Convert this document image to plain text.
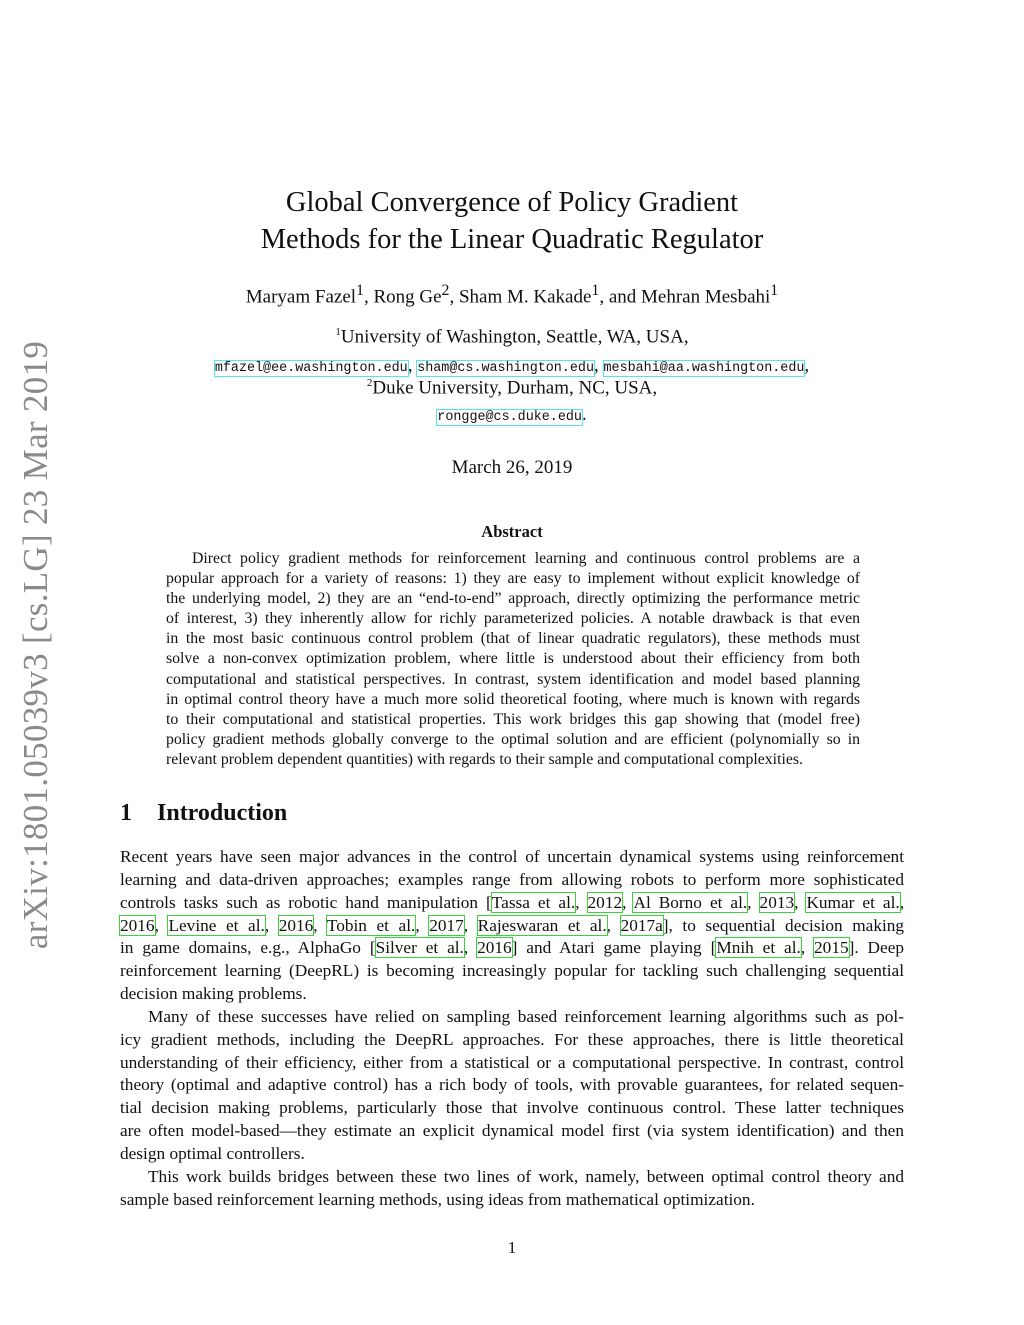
arXiv:1801.05039v3 [cs.LG] 23 Mar 2019
Global Convergence of Policy Gradient
Methods for the Linear Quadratic Regulator
Maryam Fazel$^1$, Rong Ge$^2$, Sham M. Kakade$^1$, and Mehran Mesbahi$^1$
$^1$University of Washington, Seattle, WA, USA,
mfazel@ee.washington.edu, sham@cs.washington.edu, mesbahi@aa.washington.edu,
$^2$Duke University, Durham, NC, USA,
rongge@cs.duke.edu.
March 26, 2019
Abstract
Direct policy gradient methods for reinforcement learning and continuous control problems are a
popular approach for a variety of reasons: 1) they are easy to implement without explicit knowledge of
the underlying model, 2) they are an “end-to-end” approach, directly optimizing the performance metric
of interest, 3) they inherently allow for richly parameterized policies. A notable drawback is that even
in the most basic continuous control problem (that of linear quadratic regulators), these methods must
solve a non-convex optimization problem, where little is understood about their efficiency from both
computational and statistical perspectives. In contrast, system identification and model based planning
in optimal control theory have a much more solid theoretical footing, where much is known with regards
to their computational and statistical properties. This work bridges this gap showing that (model free)
policy gradient methods globally converge to the optimal solution and are efficient (polynomially so in
relevant problem dependent quantities) with regards to their sample and computational complexities.
1 Introduction
Recent years have seen major advances in the control of uncertain dynamical systems using reinforcement
learning and data-driven approaches; examples range from allowing robots to perform more sophisticated
controls tasks such as robotic hand manipulation [Tassa et al., 2012, Al Borno et al., 2013, Kumar et al.,
2016, Levine et al., 2016, Tobin et al., 2017, Rajeswaran et al., 2017a], to sequential decision making
in game domains, e.g., AlphaGo [Silver et al., 2016] and Atari game playing [Mnih et al., 2015]. Deep
reinforcement learning (DeepRL) is becoming increasingly popular for tackling such challenging sequential
decision making problems.
Many of these successes have relied on sampling based reinforcement learning algorithms such as pol-
icy gradient methods, including the DeepRL approaches. For these approaches, there is little theoretical
understanding of their efficiency, either from a statistical or a computational perspective. In contrast, control
theory (optimal and adaptive control) has a rich body of tools, with provable guarantees, for related sequen-
tial decision making problems, particularly those that involve continuous control. These latter techniques
are often model-based—they estimate an explicit dynamical model first (via system identification) and then
design optimal controllers.
This work builds bridges between these two lines of work, namely, between optimal control theory and
sample based reinforcement learning methods, using ideas from mathematical optimization.
1
